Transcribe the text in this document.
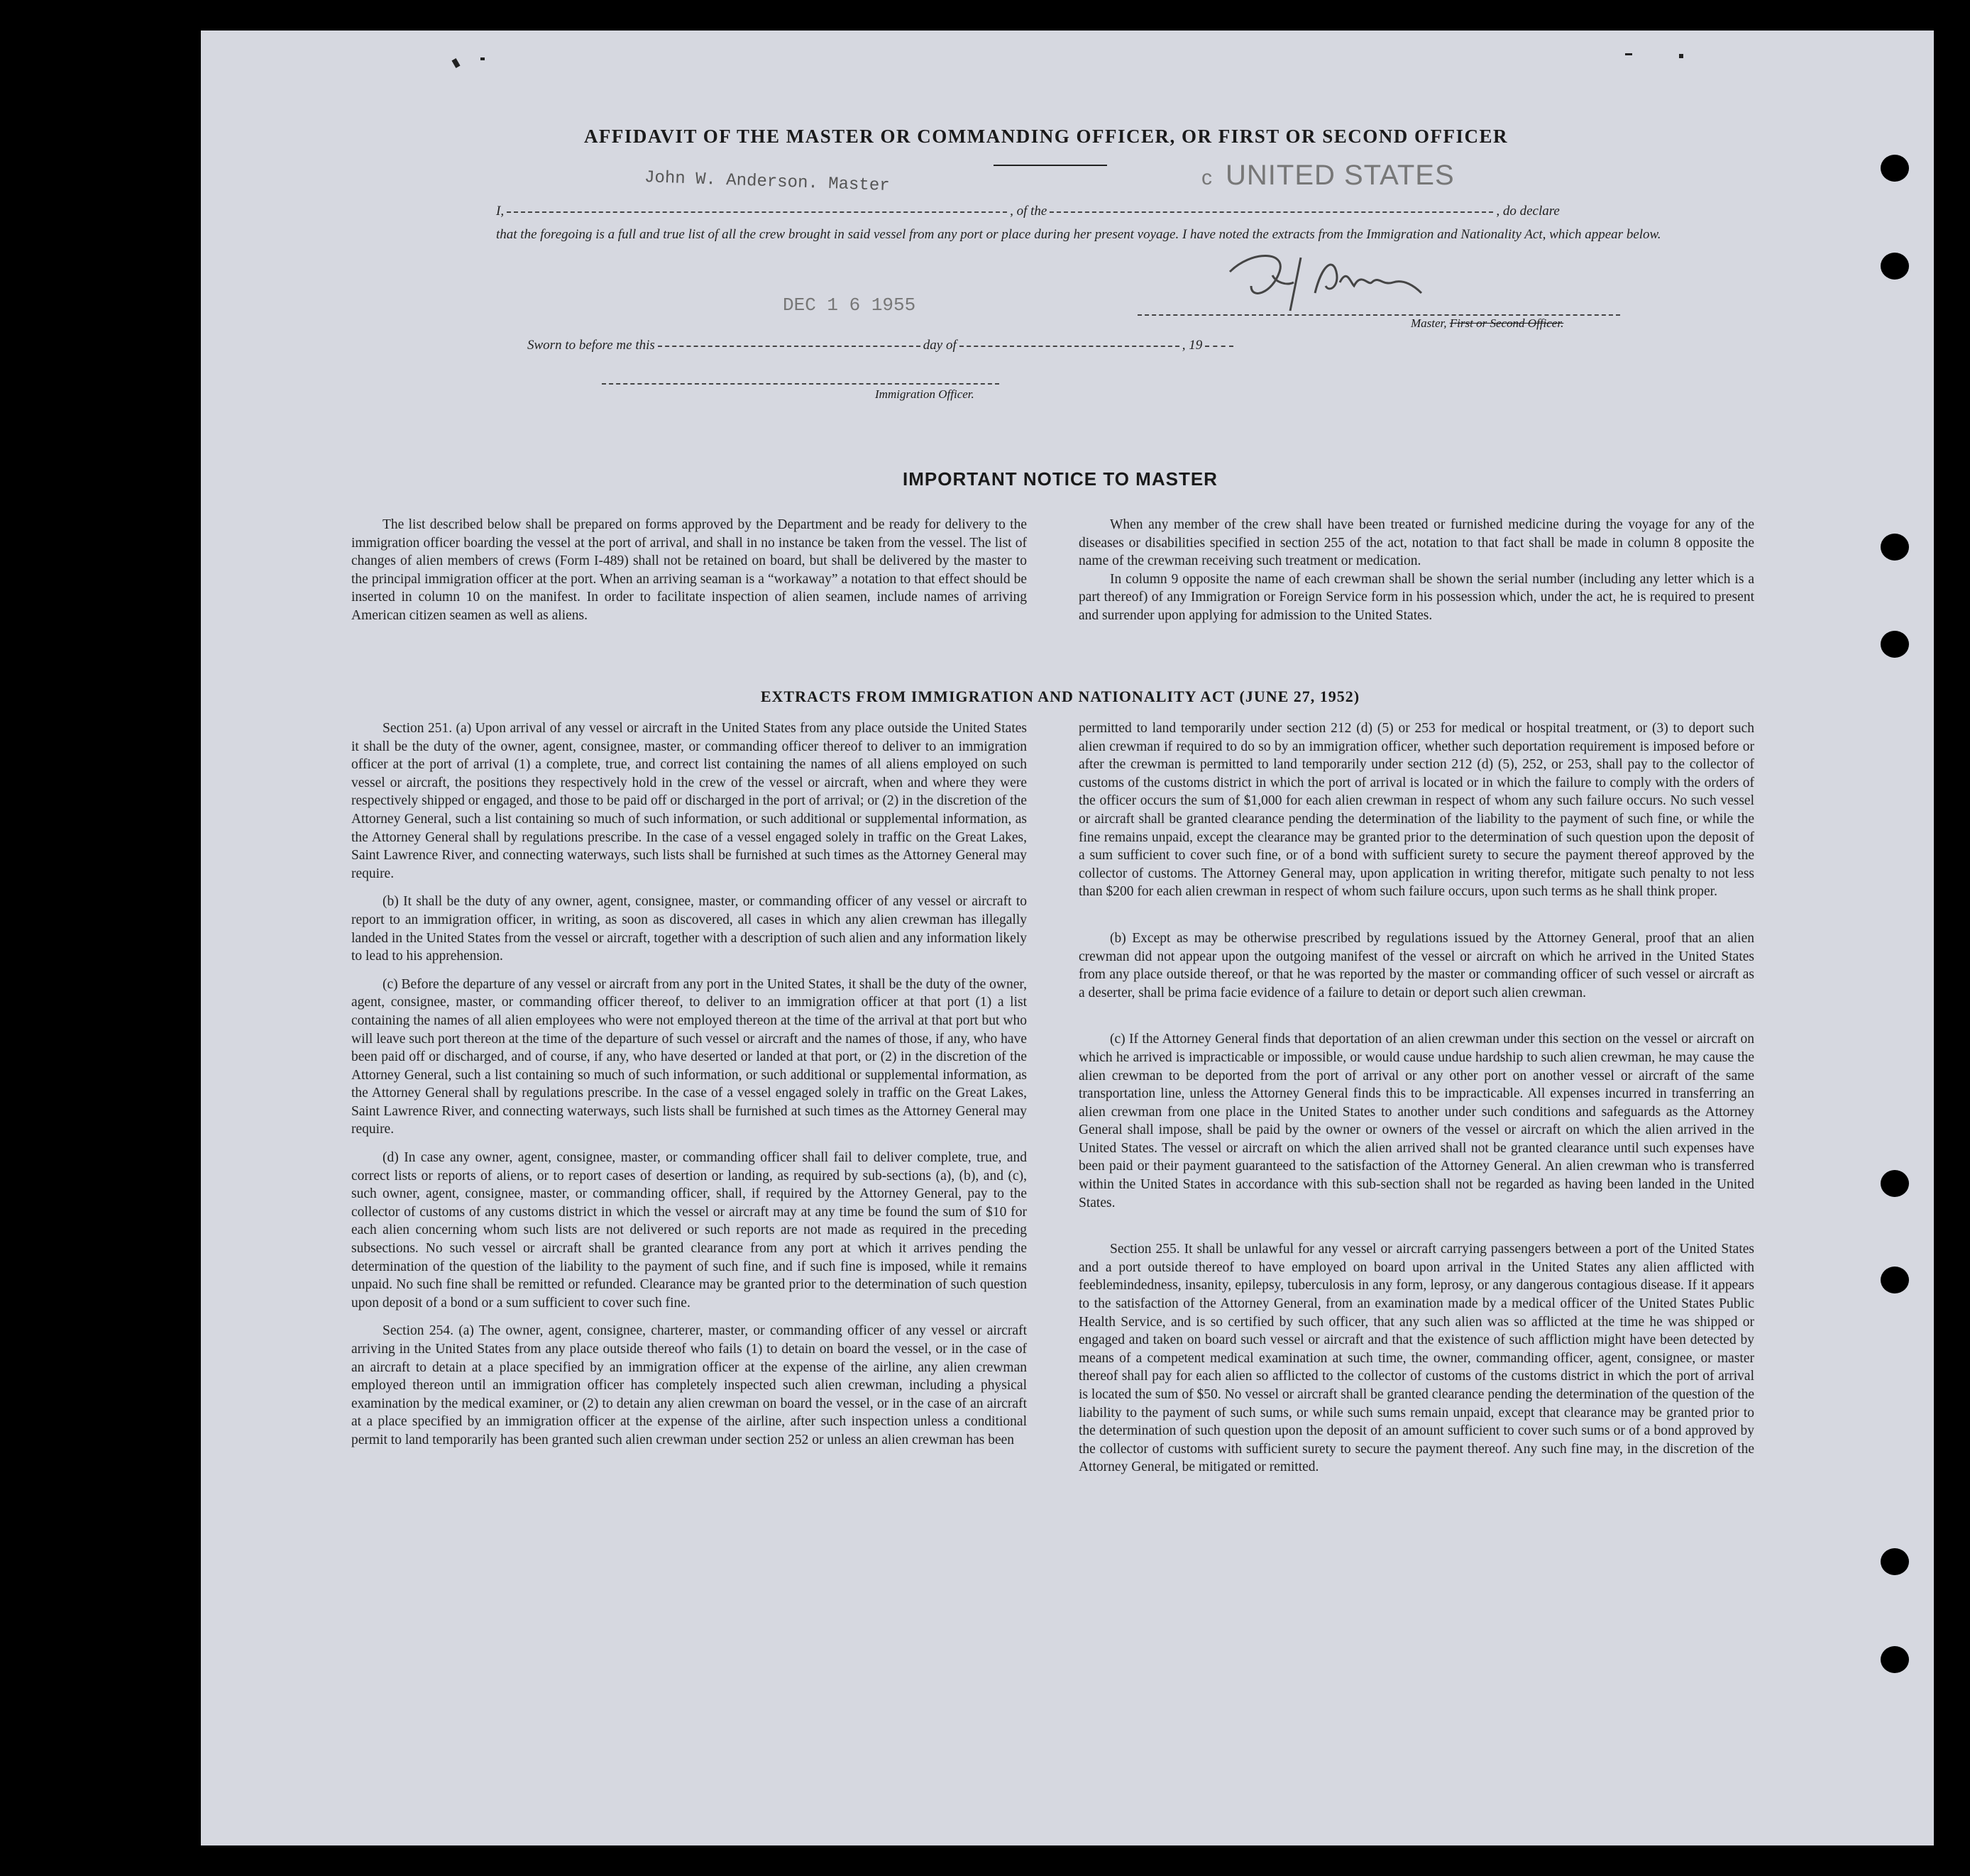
AFFIDAVIT OF THE MASTER OR COMMANDING OFFICER, OR FIRST OR SECOND OFFICER
John W. Anderson. Master	c UNITED STATES
I,	, of the	, do declare
that the foregoing is a full and true list of all the crew brought in said vessel from any port or place during her present voyage. I have noted the extracts from the Immigration and Nationality Act, which appear below.
DEC 1 6 1955
Master, First or Second Officer.
Sworn to before me this	day of	, 19
Immigration Officer.
IMPORTANT NOTICE TO MASTER

The list described below shall be prepared on forms approved by the Department and be ready for delivery to the immigration officer boarding the vessel at the port of arrival, and shall in no instance be taken from the vessel. The list of changes of alien members of crews (Form I-489) shall not be retained on board, but shall be delivered by the master to the principal immigration officer at the port. When an arriving seaman is a “workaway” a notation to that effect should be inserted in column 10 on the manifest. In order to facilitate inspection of alien seamen, include names of arriving American citizen seamen as well as aliens.

When any member of the crew shall have been treated or furnished medicine during the voyage for any of the diseases or disabilities specified in section 255 of the act, notation to that fact shall be made in column 8 opposite the name of the crewman receiving such treatment or medication.

In column 9 opposite the name of each crewman shall be shown the serial number (including any letter which is a part thereof) of any Immigration or Foreign Service form in his possession which, under the act, he is required to present and surrender upon applying for admission to the United States.

EXTRACTS FROM IMMIGRATION AND NATIONALITY ACT (JUNE 27, 1952)

Section 251. (a) Upon arrival of any vessel or aircraft in the United States from any place outside the United States it shall be the duty of the owner, agent, consignee, master, or commanding officer thereof to deliver to an immigration officer at the port of arrival (1) a complete, true, and correct list containing the names of all aliens employed on such vessel or aircraft, the positions they respectively hold in the crew of the vessel or aircraft, when and where they were respectively shipped or engaged, and those to be paid off or discharged in the port of arrival; or (2) in the discretion of the Attorney General, such a list containing so much of such information, or such additional or supplemental information, as the Attorney General shall by regulations prescribe. In the case of a vessel engaged solely in traffic on the Great Lakes, Saint Lawrence River, and connecting waterways, such lists shall be furnished at such times as the Attorney General may require.

(b) It shall be the duty of any owner, agent, consignee, master, or commanding officer of any vessel or aircraft to report to an immigration officer, in writing, as soon as discovered, all cases in which any alien crewman has illegally landed in the United States from the vessel or aircraft, together with a description of such alien and any information likely to lead to his apprehension.

(c) Before the departure of any vessel or aircraft from any port in the United States, it shall be the duty of the owner, agent, consignee, master, or commanding officer thereof, to deliver to an immigration officer at that port (1) a list containing the names of all alien employees who were not employed thereon at the time of the arrival at that port but who will leave such port thereon at the time of the departure of such vessel or aircraft and the names of those, if any, who have been paid off or discharged, and of course, if any, who have deserted or landed at that port, or (2) in the discretion of the Attorney General, such a list containing so much of such information, or such additional or supplemental information, as the Attorney General shall by regulations prescribe. In the case of a vessel engaged solely in traffic on the Great Lakes, Saint Lawrence River, and connecting waterways, such lists shall be furnished at such times as the Attorney General may require.

(d) In case any owner, agent, consignee, master, or commanding officer shall fail to deliver complete, true, and correct lists or reports of aliens, or to report cases of desertion or landing, as required by sub-sections (a), (b), and (c), such owner, agent, consignee, master, or commanding officer, shall, if required by the Attorney General, pay to the collector of customs of any customs district in which the vessel or aircraft may at any time be found the sum of $10 for each alien concerning whom such lists are not delivered or such reports are not made as required in the preceding subsections. No such vessel or aircraft shall be granted clearance from any port at which it arrives pending the determination of the question of the liability to the payment of such fine, and if such fine is imposed, while it remains unpaid. No such fine shall be remitted or refunded. Clearance may be granted prior to the determination of such question upon deposit of a bond or a sum sufficient to cover such fine.

Section 254. (a) The owner, agent, consignee, charterer, master, or commanding officer of any vessel or aircraft arriving in the United States from any place outside thereof who fails (1) to detain on board the vessel, or in the case of an aircraft to detain at a place specified by an immigration officer at the expense of the airline, any alien crewman employed thereon until an immigration officer has completely inspected such alien crewman, including a physical examination by the medical examiner, or (2) to detain any alien crewman on board the vessel, or in the case of an aircraft at a place specified by an immigration officer at the expense of the airline, after such inspection unless a conditional permit to land temporarily has been granted such alien crewman under section 252 or unless an alien crewman has been

permitted to land temporarily under section 212 (d) (5) or 253 for medical or hospital treatment, or (3) to deport such alien crewman if required to do so by an immigration officer, whether such deportation requirement is imposed before or after the crewman is permitted to land temporarily under section 212 (d) (5), 252, or 253, shall pay to the collector of customs of the customs district in which the port of arrival is located or in which the failure to comply with the orders of the officer occurs the sum of $1,000 for each alien crewman in respect of whom any such failure occurs. No such vessel or aircraft shall be granted clearance pending the determination of the liability to the payment of such fine, or while the fine remains unpaid, except the clearance may be granted prior to the determination of such question upon the deposit of a sum sufficient to cover such fine, or of a bond with sufficient surety to secure the payment thereof approved by the collector of customs. The Attorney General may, upon application in writing therefor, mitigate such penalty to not less than $200 for each alien crewman in respect of whom such failure occurs, upon such terms as he shall think proper.

(b) Except as may be otherwise prescribed by regulations issued by the Attorney General, proof that an alien crewman did not appear upon the outgoing manifest of the vessel or aircraft on which he arrived in the United States from any place outside thereof, or that he was reported by the master or commanding officer of such vessel or aircraft as a deserter, shall be prima facie evidence of a failure to detain or deport such alien crewman.

(c) If the Attorney General finds that deportation of an alien crewman under this section on the vessel or aircraft on which he arrived is impracticable or impossible, or would cause undue hardship to such alien crewman, he may cause the alien crewman to be deported from the port of arrival or any other port on another vessel or aircraft of the same transportation line, unless the Attorney General finds this to be impracticable. All expenses incurred in transferring an alien crewman from one place in the United States to another under such conditions and safeguards as the Attorney General shall impose, shall be paid by the owner or owners of the vessel or aircraft on which the alien arrived in the United States. The vessel or aircraft on which the alien arrived shall not be granted clearance until such expenses have been paid or their payment guaranteed to the satisfaction of the Attorney General. An alien crewman who is transferred within the United States in accordance with this sub-section shall not be regarded as having been landed in the United States.

Section 255. It shall be unlawful for any vessel or aircraft carrying passengers between a port of the United States and a port outside thereof to have employed on board upon arrival in the United States any alien afflicted with feeblemindedness, insanity, epilepsy, tuberculosis in any form, leprosy, or any dangerous contagious disease. If it appears to the satisfaction of the Attorney General, from an examination made by a medical officer of the United States Public Health Service, and is so certified by such officer, that any such alien was so afflicted at the time he was shipped or engaged and taken on board such vessel or aircraft and that the existence of such affliction might have been detected by means of a competent medical examination at such time, the owner, commanding officer, agent, consignee, or master thereof shall pay for each alien so afflicted to the collector of customs of the customs district in which the port of arrival is located the sum of $50. No vessel or aircraft shall be granted clearance pending the determination of the question of the liability to the payment of such sums, or while such sums remain unpaid, except that clearance may be granted prior to the determination of such question upon the deposit of an amount sufficient to cover such sums or of a bond approved by the collector of customs with sufficient surety to secure the payment thereof. Any such fine may, in the discretion of the Attorney General, be mitigated or remitted.
